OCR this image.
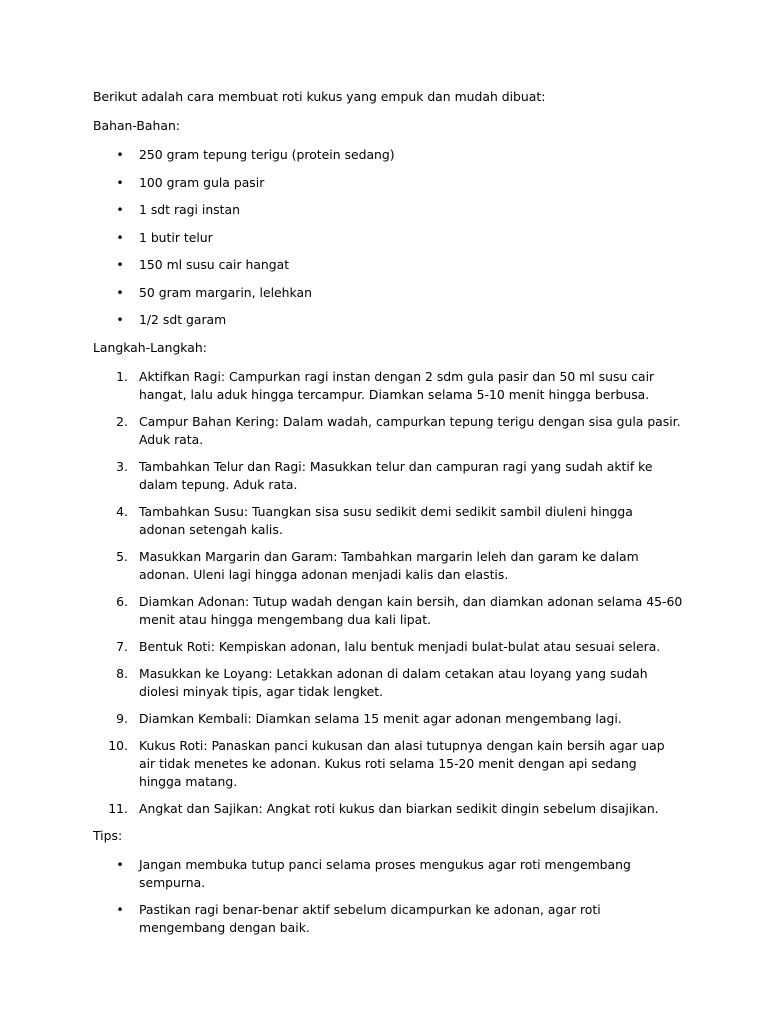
Berikut adalah cara membuat roti kukus yang empuk dan mudah dibuat:

Bahan-Bahan:

• 250 gram tepung terigu (protein sedang)
• 100 gram gula pasir
• 1 sdt ragi instan
• 1 butir telur
• 150 ml susu cair hangat
• 50 gram margarin, lelehkan
• 1/2 sdt garam

Langkah-Langkah:

1. Aktifkan Ragi: Campurkan ragi instan dengan 2 sdm gula pasir dan 50 ml susu cair hangat, lalu aduk hingga tercampur. Diamkan selama 5-10 menit hingga berbusa.
2. Campur Bahan Kering: Dalam wadah, campurkan tepung terigu dengan sisa gula pasir. Aduk rata.
3. Tambahkan Telur dan Ragi: Masukkan telur dan campuran ragi yang sudah aktif ke dalam tepung. Aduk rata.
4. Tambahkan Susu: Tuangkan sisa susu sedikit demi sedikit sambil diuleni hingga adonan setengah kalis.
5. Masukkan Margarin dan Garam: Tambahkan margarin leleh dan garam ke dalam adonan. Uleni lagi hingga adonan menjadi kalis dan elastis.
6. Diamkan Adonan: Tutup wadah dengan kain bersih, dan diamkan adonan selama 45-60 menit atau hingga mengembang dua kali lipat.
7. Bentuk Roti: Kempiskan adonan, lalu bentuk menjadi bulat-bulat atau sesuai selera.
8. Masukkan ke Loyang: Letakkan adonan di dalam cetakan atau loyang yang sudah diolesi minyak tipis, agar tidak lengket.
9. Diamkan Kembali: Diamkan selama 15 menit agar adonan mengembang lagi.
10. Kukus Roti: Panaskan panci kukusan dan alasi tutupnya dengan kain bersih agar uap air tidak menetes ke adonan. Kukus roti selama 15-20 menit dengan api sedang hingga matang.
11. Angkat dan Sajikan: Angkat roti kukus dan biarkan sedikit dingin sebelum disajikan.

Tips:

• Jangan membuka tutup panci selama proses mengukus agar roti mengembang sempurna.
• Pastikan ragi benar-benar aktif sebelum dicampurkan ke adonan, agar roti mengembang dengan baik.
